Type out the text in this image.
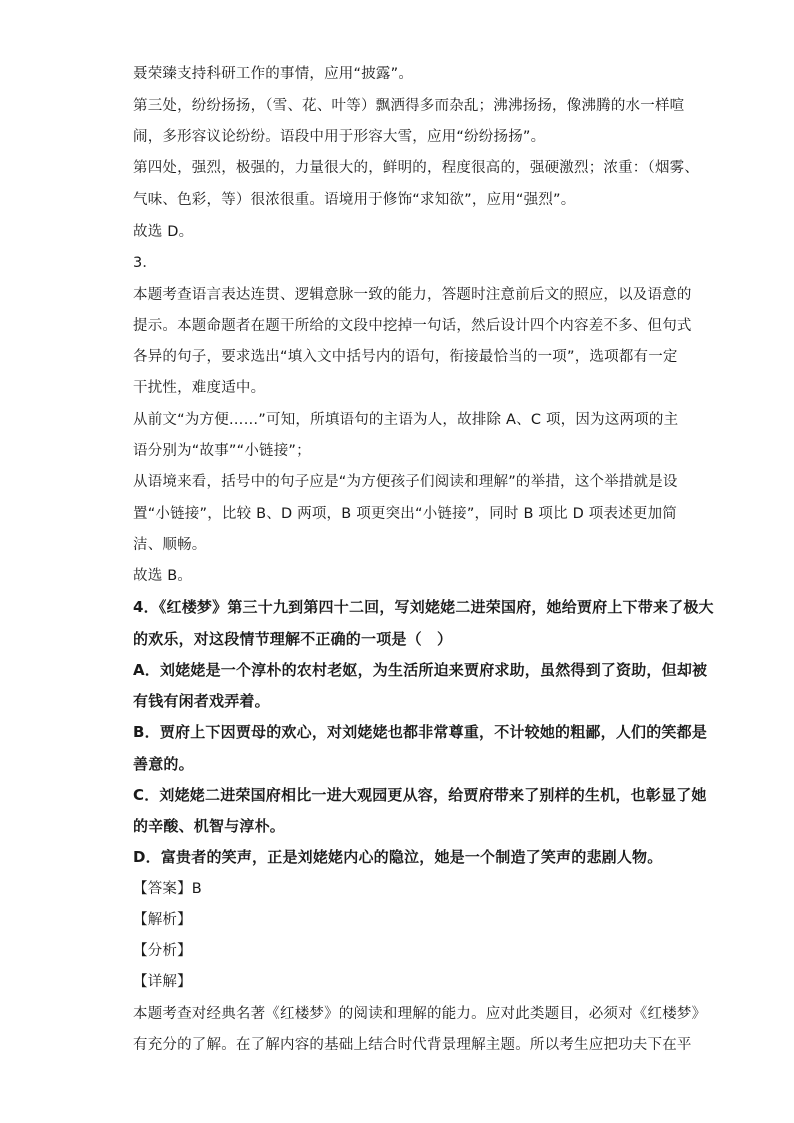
聂荣臻支持科研工作的事情，应用“披露”。
第三处，纷纷扬扬，（雪、花、叶等）飘洒得多而杂乱；沸沸扬扬，像沸腾的水一样喧
闹，多形容议论纷纷。语段中用于形容大雪，应用“纷纷扬扬”。
第四处，强烈，极强的，力量很大的，鲜明的，程度很高的，强硬激烈；浓重：（烟雾、
气味、色彩，等）很浓很重。语境用于修饰“求知欲”，应用“强烈”。
故选 D。
3．
本题考查语言表达连贯、逻辑意脉一致的能力，答题时注意前后文的照应，以及语意的
提示。本题命题者在题干所给的文段中挖掉一句话，然后设计四个内容差不多、但句式
各异的句子，要求选出“填入文中括号内的语句，衔接最恰当的一项”，选项都有一定
干扰性，难度适中。
从前文“为方便……”可知，所填语句的主语为人，故排除 A、C 项，因为这两项的主
语分别为“故事”“小链接”；
从语境来看，括号中的句子应是“为方便孩子们阅读和理解”的举措，这个举措就是设
置“小链接”，比较 B、D 两项，B 项更突出“小链接”，同时 B 项比 D 项表述更加简
洁、顺畅。
故选 B。
4．《红楼梦》第三十九到第四十二回，写刘姥姥二进荣国府，她给贾府上下带来了极大
的欢乐，对这段情节理解不正确的一项是（　）
A．刘姥姥是一个淳朴的农村老妪，为生活所迫来贾府求助，虽然得到了资助，但却被
有钱有闲者戏弄着。
B．贾府上下因贾母的欢心，对刘姥姥也都非常尊重，不计较她的粗鄙，人们的笑都是
善意的。
C．刘姥姥二进荣国府相比一进大观园更从容，给贾府带来了别样的生机，也彰显了她
的辛酸、机智与淳朴。
D．富贵者的笑声，正是刘姥姥内心的隐泣，她是一个制造了笑声的悲剧人物。
【答案】B
【解析】
【分析】
【详解】
本题考查对经典名著《红楼梦》的阅读和理解的能力。应对此类题目，必须对《红楼梦》
有充分的了解。在了解内容的基础上结合时代背景理解主题。所以考生应把功夫下在平
